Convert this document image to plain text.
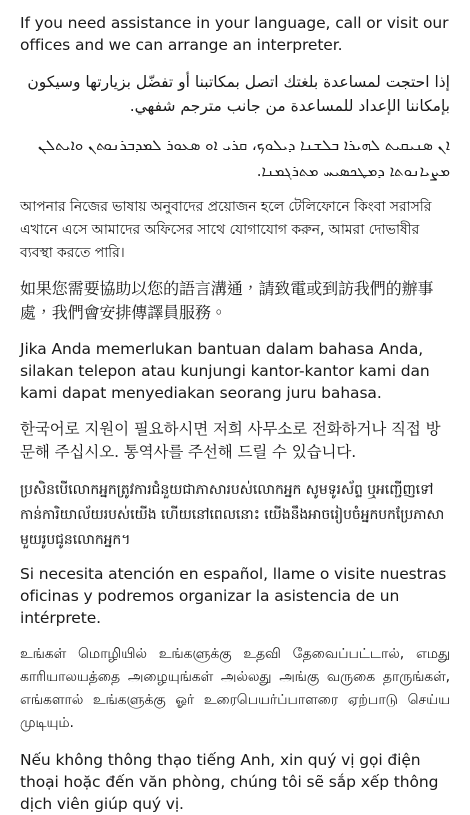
If you need assistance in your language, call or visit our offices and we can arrange an interpreter.

إذا احتجت لمساعدة بلغتك اتصل بمكاتبنا أو تفضّل بزيارتها وسيكون بإمكاننا الإعداد للمساعدة من جانب مترجم شفهي.

ܐܢ ܣܢܝܩܝܬ ܠܗܝܪܐ ܒܠܫܢܐ ܕܝܠܘܟ، ܩܪܝ ܐܘ ܣܥܘܪ ܠܡܕܒܪܢܘܬܢ ܘܐܝܬܠܢ ܡܨܝܐܢܘܬܐ ܕܡܛܟܣܝܚ ܡܬܪܓܡܢܐ.

আপনার নিজের ভাষায় অনুবাদের প্রয়োজন হলে টেলিফোনে কিংবা সরাসরি এখানে এসে আমাদের অফিসের সাথে যোগাযোগ করুন, আমরা দোভাষীর ব্যবস্থা করতে পারি।

如果您需要協助以您的語言溝通，請致電或到訪我們的辦事處，我們會安排傳譯員服務。

Jika Anda memerlukan bantuan dalam bahasa Anda, silakan telepon atau kunjungi kantor-kantor kami dan kami dapat menyediakan seorang juru bahasa.

한국어로 지원이 필요하시면 저희 사무소로 전화하거나 직접 방문해 주십시오. 통역사를 주선해 드릴 수 있습니다.

ប្រសិនបើលោកអ្នកត្រូវការជំនួយជាភាសារបស់លោកអ្នក សូមទូរស័ព្ទ ឬអញ្ជើញទៅកាន់ការិយាល័យរបស់យើង ហើយនៅពេលនោះ យើងនឹងអាចរៀបចំអ្នកបកប្រែភាសាមួយរូបជូនលោកអ្នក។

Si necesita atención en español, llame o visite nuestras oficinas y podremos organizar la asistencia de un intérprete.

உங்கள் மொழியில் உங்களுக்கு உதவி தேவைப்பட்டால், எமது காரியாலயத்தை அழையுங்கள் அல்லது அங்கு வருகை தாருங்கள், எங்களால் உங்களுக்கு ஓர் உரைபெயர்ப்பாளரை ஏற்பாடு செய்ய முடியும்.

Nếu không thông thạo tiếng Anh, xin quý vị gọi điện thoại hoặc đến văn phòng, chúng tôi sẽ sắp xếp thông dịch viên giúp quý vị.
